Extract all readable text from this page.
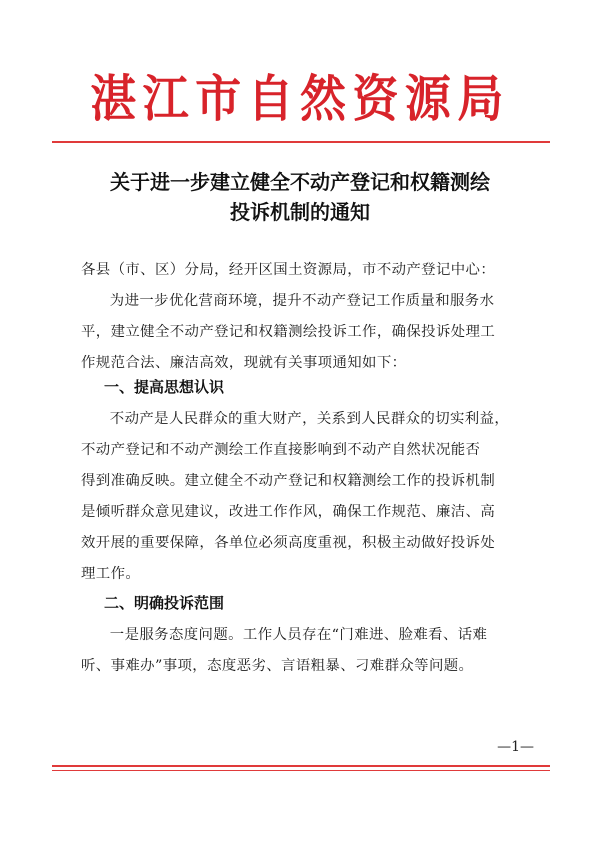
湛江市自然资源局
关于进一步建立健全不动产登记和权籍测绘
投诉机制的通知
各县（市、区）分局，经开区国土资源局，市不动产登记中心：
为进一步优化营商环境，提升不动产登记工作质量和服务水
平，建立健全不动产登记和权籍测绘投诉工作，确保投诉处理工
作规范合法、廉洁高效，现就有关事项通知如下：
一、提高思想认识
不动产是人民群众的重大财产，关系到人民群众的切实利益，
不动产登记和不动产测绘工作直接影响到不动产自然状况能否
得到准确反映。建立健全不动产登记和权籍测绘工作的投诉机制
是倾听群众意见建议，改进工作作风，确保工作规范、廉洁、高
效开展的重要保障，各单位必须高度重视，积极主动做好投诉处
理工作。
二、明确投诉范围
一是服务态度问题。工作人员存在“门难进、脸难看、话难
听、事难办”事项，态度恶劣、言语粗暴、刁难群众等问题。
—1—
